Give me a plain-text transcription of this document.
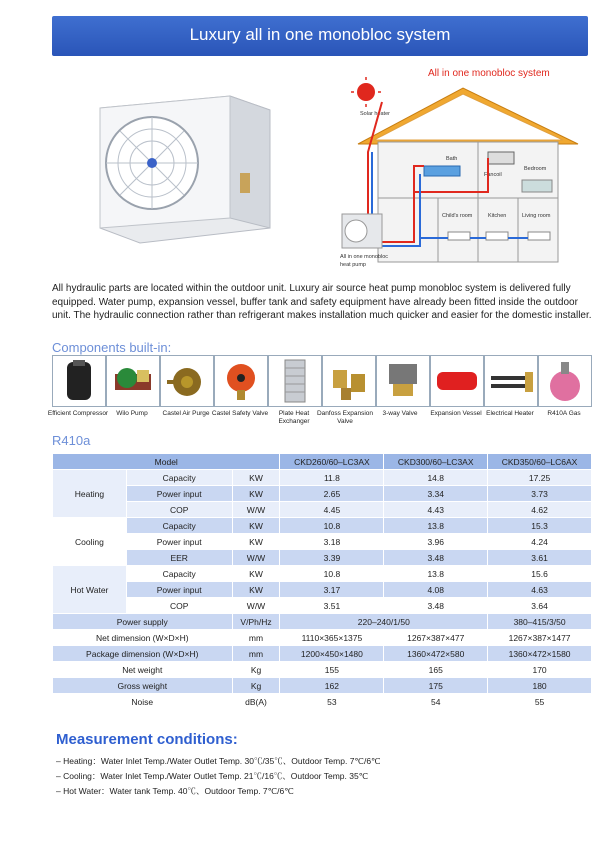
Luxury all in one monobloc system
All in one monobloc system
Solar heater
Bath
Fancoil
Bedroom
Child's room	Kitchen	Living room
All in one monobloc
heat pump
All hydraulic parts are located within the outdoor unit. Luxury air source heat pump monobloc system is delivered fully equipped. Water pump, expansion vessel, buffer tank and safety equipment have already been fitted inside the outdoor unit. The hydraulic connection rather than refrigerant makes installation much quicker and easier for the domestic installer.
Components built-in:
Efficient Compressor	Wilo Pump	Castel Air Purge Castel Safety Valve	Plate Heat Exchanger
Danfoss Expansion Valve
3-way Valve	Expansion Vessel Electrical Heater	R410A Gas
R410a
Model			CKD260/60–LC3AX	CKD300/60–LC3AX	CKD350/60–LC6AX
Heating	Capacity	KW	11.8	14.8	17.25
	Power input	KW	2.65	3.34	3.73
	COP	W/W	4.45	4.43	4.62
Cooling	Capacity	KW	10.8	13.8	15.3
	Power input	KW	3.18	3.96	4.24
	EER	W/W	3.39	3.48	3.61
Hot Water	Capacity	KW	10.8	13.8	15.6
	Power input	KW	3.17	4.08	4.63
	COP	W/W	3.51	3.48	3.64
Power supply		V/Ph/Hz	220–240/1/50		380–415/3/50
Net dimension (W×D×H)		mm	1110×365×1375	1267×387×477	1267×387×1477
Package dimension (W×D×H)		mm	1200×450×1480	1360×472×580	1360×472×1580
Net weight		Kg	155	165	170
Gross weight		Kg	162	175	180
Noise		dB(A)	53	54	55
Measurement conditions:
– Heating：Water Inlet Temp./Water Outlet Temp. 30℃/35℃、Outdoor Temp. 7℃/6℃
– Cooling：Water Inlet Temp./Water Outlet Temp. 21℃/16℃、Outdoor Temp. 35℃
– Hot Water：Water tank Temp. 40℃、Outdoor Temp. 7℃/6℃
